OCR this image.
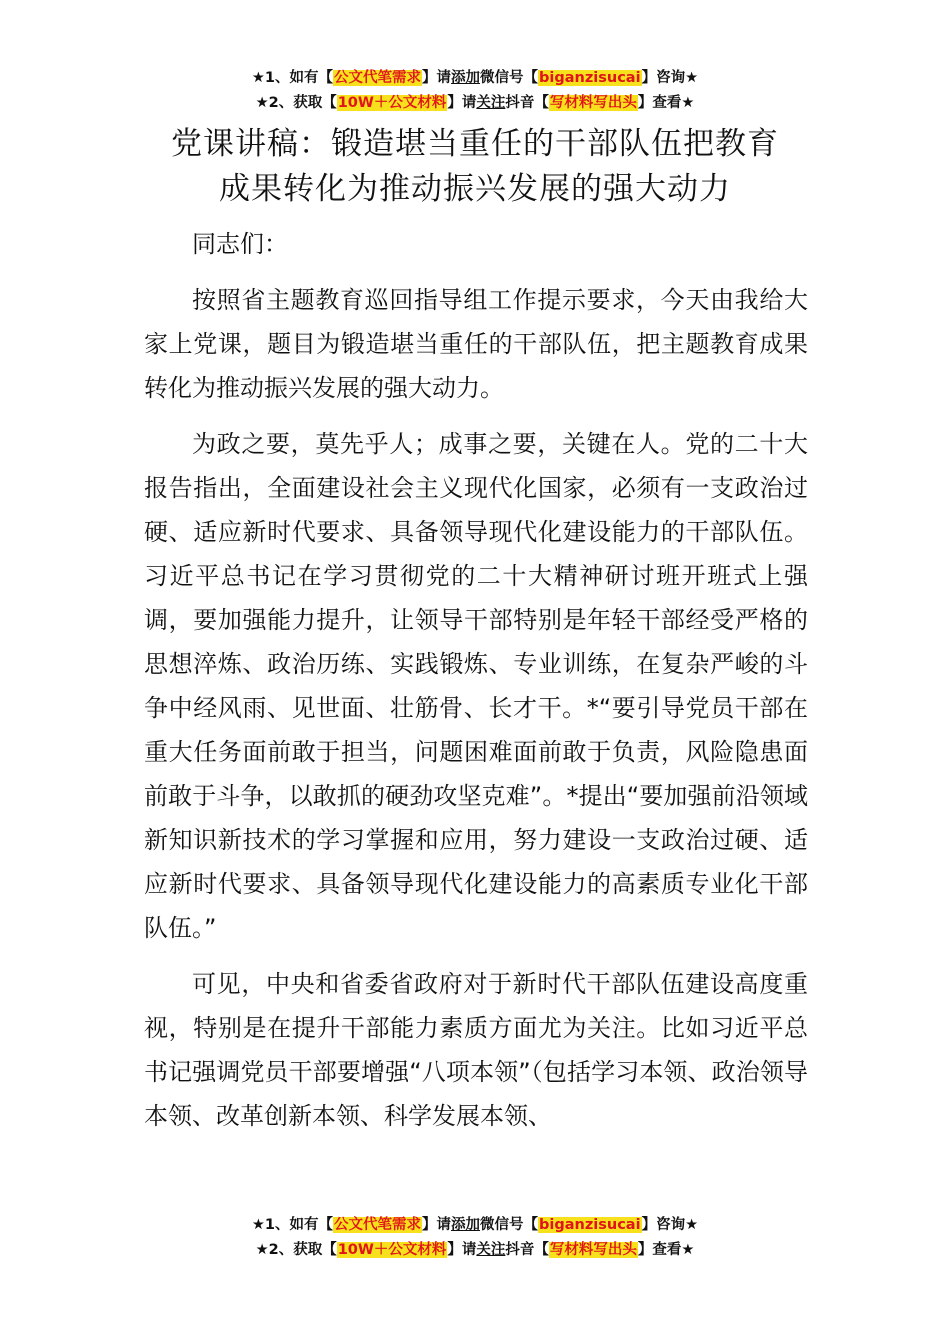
★1、如有【公文代笔需求】请添加微信号【biganzisucai】咨询★
★2、获取【10W＋公文材料】请关注抖音【写材料写出头】查看★
党课讲稿：锻造堪当重任的干部队伍把教育
成果转化为推动振兴发展的强大动力

同志们：

按照省主题教育巡回指导组工作提示要求，今天由我给大家上党课，题目为锻造堪当重任的干部队伍，把主题教育成果转化为推动振兴发展的强大动力。

为政之要，莫先乎人；成事之要，关键在人。党的二十大报告指出，全面建设社会主义现代化国家，必须有一支政治过硬、适应新时代要求、具备领导现代化建设能力的干部队伍。习近平总书记在学习贯彻党的二十大精神研讨班开班式上强调，要加强能力提升，让领导干部特别是年轻干部经受严格的思想淬炼、政治历练、实践锻炼、专业训练，在复杂严峻的斗争中经风雨、见世面、壮筋骨、长才干。*“要引导党员干部在重大任务面前敢于担当，问题困难面前敢于负责，风险隐患面前敢于斗争，以敢抓的硬劲攻坚克难”。*提出“要加强前沿领域新知识新技术的学习掌握和应用，努力建设一支政治过硬、适应新时代要求、具备领导现代化建设能力的高素质专业化干部队伍。”

可见，中央和省委省政府对于新时代干部队伍建设高度重视，特别是在提升干部能力素质方面尤为关注。比如习近平总书记强调党员干部要增强“八项本领”（包括学习本领、政治领导本领、改革创新本领、科学发展本领、

★1、如有【公文代笔需求】请添加微信号【biganzisucai】咨询★
★2、获取【10W＋公文材料】请关注抖音【写材料写出头】查看★
